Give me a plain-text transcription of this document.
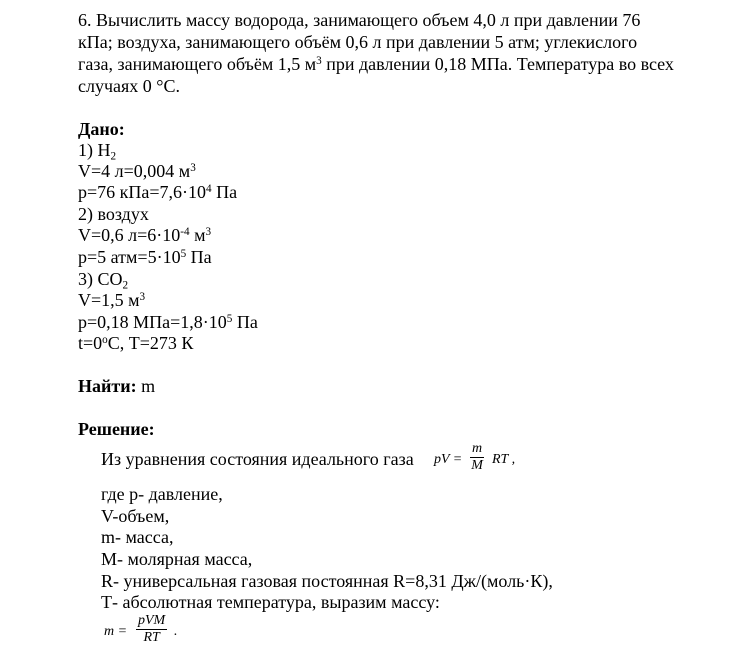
6. Вычислить массу водорода, занимающего объем 4,0 л при давлении 76
кПа; воздуха, занимающего объём 0,6 л при давлении 5 атм; углекислого
газа, занимающего объём 1,5 $м^3$ при давлении 0,18 МПа. Температура во всех
случаях 0 °С.
Дано:
1) $H_2$
V=4 л=0,004 $м^3$
р=76 $кПа=7,6\cdot 10^4$ Па
2) воздух
V=0,6 $л=6\cdot 10^{-4}$ $м^3$
р=5 $атм=5\cdot 10^5$ Па
3) $CO_2$
V=1,5 $м^3$
р=0,18 $МПа=1,8\cdot 10^5$ Па
$t=0^oС$, Т=273 К
Найти: m
Решение:
Из уравнения состояния идеального газа pV = $\frac{m}{M}$ RT ,
где р- давление,
V-объем,
m- масса,
М- молярная масса,
R- универсальная газовая постоянная R=8,31 Дж/(моль·К),
Т- абсолютная температура, выразим массу:
m =
pVM
RT	.
